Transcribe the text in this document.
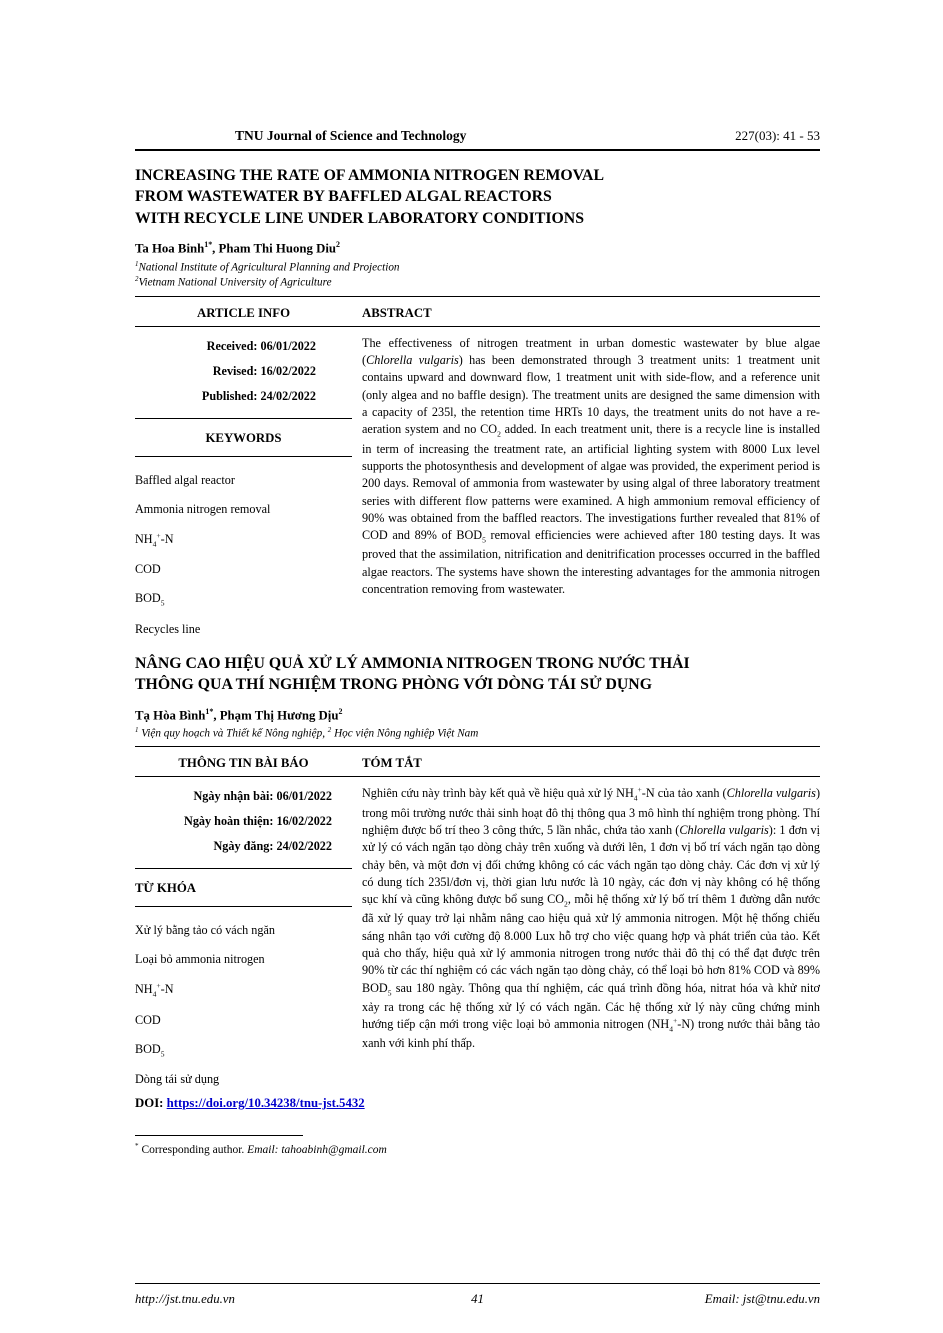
TNU Journal of Science and Technology	227(03): 41 - 53
INCREASING THE RATE OF AMMONIA NITROGEN REMOVAL
FROM WASTEWATER BY BAFFLED ALGAL REACTORS
WITH RECYCLE LINE UNDER LABORATORY CONDITIONS
Ta Hoa Binh$^{1*}$, Pham Thi Huong Diu$^2$
$^1$National Institute of Agricultural Planning and Projection
$^2$Vietnam National University of Agriculture
ARTICLE INFO	ABSTRACT
Received: 06/01/2022
Revised: 16/02/2022
Published: 24/02/2022
KEYWORDS
Baffled algal reactor
Ammonia nitrogen removal
$NH_4^+-N$
COD
$BOD_5$
Recycles line
The effectiveness of nitrogen treatment in urban domestic wastewater by blue algae (Chlorella vulgaris) has been demonstrated through 3 treatment units: 1 treatment unit contains upward and downward flow, 1 treatment unit with side-flow, and a reference unit (only algea and no baffle design). The treatment units are designed the same dimension with a capacity of 235l, the retention time HRTs 10 days, the treatment units do not have a re-aeration system and no $CO_2$ added. In each treatment unit, there is a recycle line is installed in term of increasing the treatment rate, an artificial lighting system with 8000 Lux level supports the photosynthesis and development of algae was provided, the experiment period is 200 days. Removal of ammonia from wastewater by using algal of three laboratory treatment series with different flow patterns were examined. A high ammonium removal efficiency of 90% was obtained from the baffled reactors. The investigations further revealed that 81% of COD and 89% of $BOD_5$ removal efficiencies were achieved after 180 testing days. It was proved that the assimilation, nitrification and denitrification processes occurred in the baffled algae reactors. The systems have shown the interesting advantages for the ammonia nitrogen concentration removing from wastewater.
NÂNG CAO HIỆU QUẢ XỬ LÝ AMMONIA NITROGEN TRONG NƯỚC THẢI
THÔNG QUA THÍ NGHIỆM TRONG PHÒNG VỚI DÒNG TÁI SỬ DỤNG
Tạ Hòa Bình$^{1*}$, Phạm Thị Hương Dịu$^2$
$^1$ Viện quy hoạch và Thiết kế Nông nghiệp, $^2$ Học viện Nông nghiệp Việt Nam
THÔNG TIN BÀI BÁO	TÓM TẮT
Ngày nhận bài: 06/01/2022
Ngày hoàn thiện: 16/02/2022
Ngày đăng: 24/02/2022
TỪ KHÓA
Xử lý bằng tảo có vách ngăn
Loại bỏ ammonia nitrogen
$NH_4^+-N$
COD
$BOD_5$
Dòng tái sử dụng
Nghiên cứu này trình bày kết quả về hiệu quả xử lý $NH_4^+-N$ của tảo xanh (Chlorella vulgaris) trong môi trường nước thải sinh hoạt đô thị thông qua 3 mô hình thí nghiệm trong phòng. Thí nghiệm được bố trí theo 3 công thức, 5 lần nhắc, chứa tảo xanh (Chlorella vulgaris): 1 đơn vị xử lý có vách ngăn tạo dòng chảy trên xuống và dưới lên, 1 đơn vị bố trí vách ngăn tạo dòng chảy bên, và một đơn vị đối chứng không có các vách ngăn tạo dòng chảy. Các đơn vị xử lý có dung tích 235l/đơn vị, thời gian lưu nước là 10 ngày, các đơn vị này không có hệ thống sục khí và cũng không được bổ sung $CO_2$, mỗi hệ thống xử lý bố trí thêm 1 đường dẫn nước đã xử lý quay trở lại nhằm nâng cao hiệu quả xử lý ammonia nitrogen. Một hệ thống chiếu sáng nhân tạo với cường độ 8.000 Lux hỗ trợ cho việc quang hợp và phát triển của tảo. Kết quả cho thấy, hiệu quả xử lý ammonia nitrogen trong nước thải đô thị có thể đạt được trên 90% từ các thí nghiệm có các vách ngăn tạo dòng chảy, có thể loại bỏ hơn 81% COD và 89% $BOD_5$ sau 180 ngày. Thông qua thí nghiệm, các quá trình đồng hóa, nitrat hóa và khử nitơ xảy ra trong các hệ thống xử lý có vách ngăn. Các hệ thống xử lý này cũng chứng minh hướng tiếp cận mới trong việc loại bỏ ammonia nitrogen $(NH_4^+-N)$ trong nước thải bằng tảo xanh với kinh phí thấp.
DOI: https://doi.org/10.34238/tnu-jst.5432
* Corresponding author. Email: tahoabinh@gmail.com
http://jst.tnu.edu.vn	41	Email: jst@tnu.edu.vn
